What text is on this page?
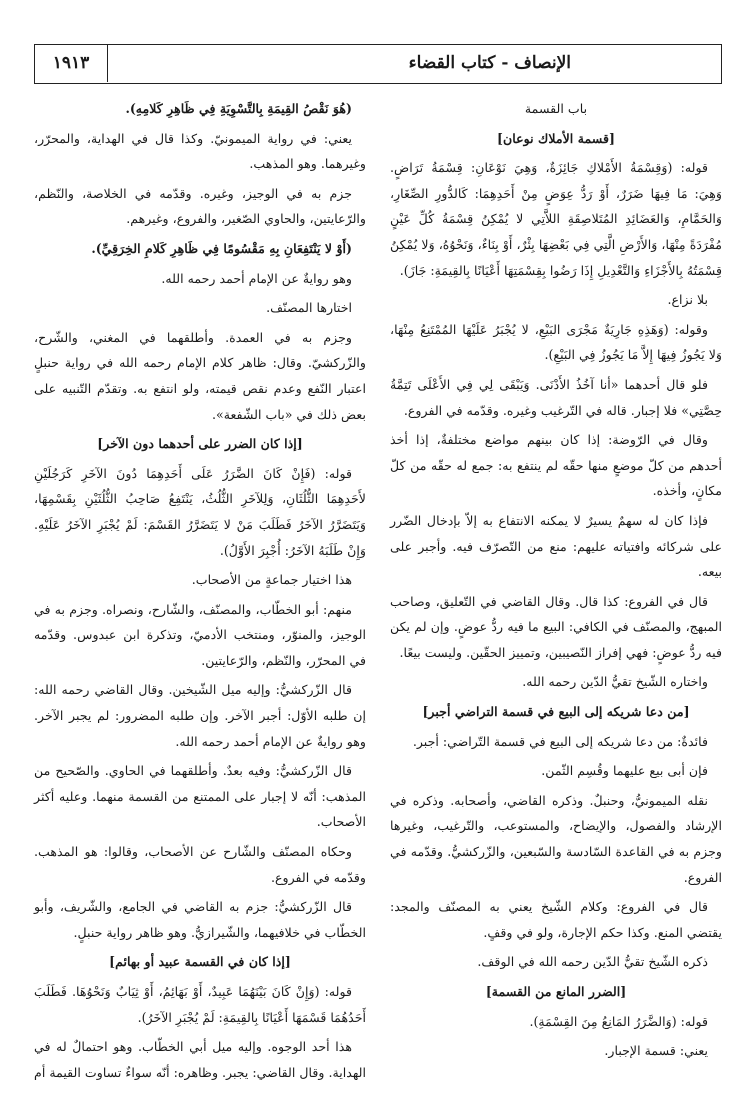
الإنصاف - كتاب القضاء
١٩١٣

باب القسمة

[قسمة الأملاك نوعان]

قوله: (وَقِسْمَةُ الأَمْلاكِ جَائِزَةٌ، وَهِيَ نَوْعَانِ: قِسْمَةُ تَرَاضٍ. وَهِيَ: مَا فِيهَا ضَرَرٌ، أَوْ رَدُّ عِوَضٍ مِنْ أَحَدِهِمَا: كَالدُّورِ الصِّغَارِ، وَالحَمَّامِ، وَالعَضَائِدِ المُتَلاصِقَةِ اللاَّتِي لا يُمْكِنُ قِسْمَةُ كُلِّ عَيْنٍ مُفْرَدَةً مِنْهَا، وَالأَرْضِ الَّتِي فِي بَعْضِهَا بِئْرٌ، أَوْ بِنَاءٌ، وَنَحْوُهُ، وَلا يُمْكِنُ قِسْمَتُهُ بِالأَجْزَاءِ وَالتَّعْدِيلِ إِذَا رَضُوا بِقِسْمَتِهَا أَعْيَانًا بِالقِيمَةِ: جَازَ).

بلا نزاع.

وقوله: (وَهَذِهِ جَارِيَةٌ مَجْرَى البَيْعِ، لا يُجْبَرُ عَلَيْهَا المُمْتَنِعُ مِنْهَا، وَلا يَجُوزُ فِيهَا إِلاَّ مَا يَجُوزُ فِي البَيْعِ).

فلو قال أحدهما «أنا آخُذُ الأَدْنَى. وَيَبْقَى لِي فِي الأَعْلَى تَتِمَّةُ حِصَّتِي» فلا إجبار. قاله في التّرغيب وغيره. وقدّمه في الفروع.

وقال في الرّوضة: إذا كان بينهم مواضع مختلفةٌ، إذا أخذ أحدهم من كلّ موضعٍ منها حقّه لم ينتفع به: جمع له حقّه من كلّ مكانٍ، وأخذه.

فإذا كان له سهمٌ يسيرٌ لا يمكنه الانتفاع به إلاّ بإدخال الضّرر على شركائه وافتياته عليهم: منع من التّصرّف فيه. وأجبر على بيعه.

قال في الفروع: كذا قال. وقال القاضي في التّعليق، وصاحب المبهج، والمصنّف في الكافي: البيع ما فيه ردُّ عوضٍ. وإن لم يكن فيه ردُّ عوضٍ: فهي إفراز النّصيبين، وتمييز الحقّين. وليست بيعًا.

واختاره الشّيخ تقيُّ الدّين رحمه الله.

[من دعا شريكه إلى البيع في قسمة التراضي أجبر]

فائدةٌ: من دعا شريكه إلى البيع في قسمة التّراضي: أجبر.

فإن أبى بيع عليهما وقُسِم الثّمن.

نقله الميمونيُّ، وحنبلٌ. وذكره القاضي، وأصحابه. وذكره في الإرشاد والفصول، والإيضاح، والمستوعب، والتّرغيب، وغيرها وجزم به في القاعدة السّادسة والسّبعين، والزّركشيُّ. وقدّمه في الفروع.

قال في الفروع: وكلام الشّيخ يعني به المصنّف والمجد: يقتضي المنع. وكذا حكم الإجارة، ولو في وقفٍ.

ذكره الشّيخ تقيُّ الدّين رحمه الله في الوقف.

[الضرر المانع من القسمة]

قوله: (وَالضَّرَرُ المَانِعُ مِنَ القِسْمَةِ).

يعني: قسمة الإجبار.

(هُوَ نَقْصُ القِيمَةِ بِالتَّسْوِيَةِ فِي ظَاهِرِ كَلامِهِ).

يعني: في رواية الميمونيّ. وكذا قال في الهداية، والمحرّر، وغيرهما. وهو المذهب.

جزم به في الوجيز، وغيره. وقدّمه في الخلاصة، والنّظم، والرّعايتين، والحاوي الصّغير، والفروع، وغيرهم.

(أَوْ لا يَنْتَفِعَانِ بِهِ مَقْسُومًا فِي ظَاهِرِ كَلامِ الخِرَقِيِّ).

وهو روايةٌ عن الإمام أحمد رحمه الله.

اختارها المصنّف.

وجزم به في العمدة. وأطلقهما في المغني، والشّرح، والزّركشيّ. وقال: ظاهر كلام الإمام رحمه الله في رواية حنبلٍ اعتبار النّفع وعدم نقص قيمته، ولو انتفع به. وتقدّم التّنبيه على بعض ذلك في «باب الشّفعة».

[إذا كان الضرر على أحدهما دون الآخر]

قوله: (فَإِنْ كَانَ الضَّرَرُ عَلَى أَحَدِهِمَا دُونَ الآخَرِ كَرَجُلَيْنِ لأَحَدِهِمَا الثُّلُثَانِ، وَلِلآخَرِ الثُّلُثُ، يَنْتَفِعُ صَاحِبُ الثُّلُثَيْنِ بِقَسْمِهَا، وَيَتَضَرَّرُ الآخَرُ فَطَلَبَ مَنْ لا يَتَضَرَّرُ القَسْمَ: لَمْ يُجْبَرِ الآخَرُ عَلَيْهِ. وَإِنْ طَلَبَهُ الآخَرُ: أُجْبِرَ الأَوَّلُ).

هذا اختيار جماعةٍ من الأصحاب.

منهم: أبو الخطّاب، والمصنّف، والشّارح، ونصراه. وجزم به في الوجيز، والمنوّر، ومنتخب الأدميّ، وتذكرة ابن عبدوس. وقدّمه في المحرّر، والنّظم، والرّعايتين.

قال الزّركشيُّ: وإليه ميل الشّيخين. وقال القاضي رحمه الله: إن طلبه الأوّل: أجبر الآخر. وإن طلبه المضرور: لم يجبر الآخر. وهو روايةٌ عن الإمام أحمد رحمه الله.

قال الزّركشيُّ: وفيه بعدٌ. وأطلقهما في الحاوي. والصّحيح من المذهب: أنّه لا إجبار على الممتنع من القسمة منهما. وعليه أكثر الأصحاب.

وحكاه المصنّف والشّارح عن الأصحاب، وقالوا: هو المذهب. وقدّمه في الفروع.

قال الزّركشيُّ: جزم به القاضي في الجامع، والشّريف، وأبو الخطّاب في خلافيهما، والشّيرازيُّ. وهو ظاهر رواية حنبلٍ.

[إذا كان في القسمة عبيد أو بهائم]

قوله: (وَإِنْ كَانَ بَيْنَهُمَا عَبِيدٌ، أَوْ بَهَائِمُ، أَوْ ثِيَابٌ وَنَحْوُهَا. فَطَلَبَ أَحَدُهُمَا قَسْمَهَا أَعْيَانًا بِالقِيمَةِ: لَمْ يُجْبَرِ الآخَرُ).

هذا أحد الوجوه. وإليه ميل أبي الخطّاب. وهو احتمالٌ له في الهداية. وقال القاضي: يجبر. وظاهره: أنّه سواءٌ تساوت القيمة أم
